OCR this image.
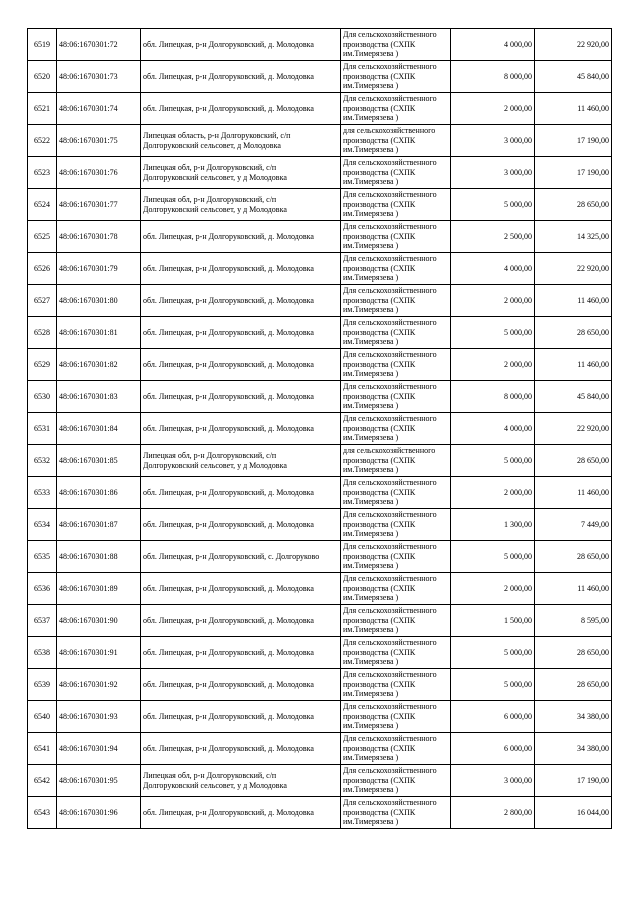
6519	48:06:1670301:72	обл. Липецкая, р-н Долгоруковский, д. Молодовка	Для сельскохозяйственного
производства (СХПК
им.Тимерязева )	4 000,00	22 920,00
6520	48:06:1670301:73	обл. Липецкая, р-н Долгоруковский, д. Молодовка	Для сельскохозяйственного
производства (СХПК
им.Тимерязева )	8 000,00	45 840,00
6521	48:06:1670301:74	обл. Липецкая, р-н Долгоруковский, д. Молодовка	Для сельскохозяйственного
производства (СХПК
им.Тимерязева )	2 000,00	11 460,00
6522	48:06:1670301:75	Липецкая область, р-н Долгоруковский, с/п
Долгоруковский сельсовет, д Молодовка	для сельскохозяйственного
производства (СХПК
им.Тимерязева )	3 000,00	17 190,00
6523	48:06:1670301:76	Липецкая обл, р-н Долгоруковский, с/п
Долгоруковский сельсовет, у д Молодовка	Для сельскохозяйственного
производства (СХПК
им.Тимерязева )	3 000,00	17 190,00
6524	48:06:1670301:77	Липецкая обл, р-н Долгоруковский, с/п
Долгоруковский сельсовет, у д Молодовка	Для сельскохозяйственного
производства (СХПК
им.Тимерязева )	5 000,00	28 650,00
6525	48:06:1670301:78	обл. Липецкая, р-н Долгоруковский, д. Молодовка	Для сельскохозяйственного
производства (СХПК
им.Тимерязева )	2 500,00	14 325,00
6526	48:06:1670301:79	обл. Липецкая, р-н Долгоруковский, д. Молодовка	Для сельскохозяйственного
производства (СХПК
им.Тимерязева )	4 000,00	22 920,00
6527	48:06:1670301:80	обл. Липецкая, р-н Долгоруковский, д. Молодовка	Для сельскохозяйственного
производства (СХПК
им.Тимерязева )	2 000,00	11 460,00
6528	48:06:1670301:81	обл. Липецкая, р-н Долгоруковский, д. Молодовка	Для сельскохозяйственного
производства (СХПК
им.Тимерязева )	5 000,00	28 650,00
6529	48:06:1670301:82	обл. Липецкая, р-н Долгоруковский, д. Молодовка	Для сельскохозяйственного
производства (СХПК
им.Тимерязева )	2 000,00	11 460,00
6530	48:06:1670301:83	обл. Липецкая, р-н Долгоруковский, д. Молодовка	Для сельскохозяйственного
производства (СХПК
им.Тимерязева )	8 000,00	45 840,00
6531	48:06:1670301:84	обл. Липецкая, р-н Долгоруковский, д. Молодовка	Для сельскохозяйственного
производства (СХПК
им.Тимерязева )	4 000,00	22 920,00
6532	48:06:1670301:85	Липецкая обл, р-н Долгоруковский, с/п
Долгоруковский сельсовет, у д Молодовка	для сельскохозяйственного
производства (СХПК
им.Тимерязева )	5 000,00	28 650,00
6533	48:06:1670301:86	обл. Липецкая, р-н Долгоруковский, д. Молодовка	Для сельскохозяйственного
производства (СХПК
им.Тимерязева )	2 000,00	11 460,00
6534	48:06:1670301:87	обл. Липецкая, р-н Долгоруковский, д. Молодовка	Для сельскохозяйственного
производства (СХПК
им.Тимерязева )	1 300,00	7 449,00
6535	48:06:1670301:88	обл. Липецкая, р-н Долгоруковский, с. Долгоруково	Для сельскохозяйственного
производства (СХПК
им.Тимерязева )	5 000,00	28 650,00
6536	48:06:1670301:89	обл. Липецкая, р-н Долгоруковский, д. Молодовка	Для сельскохозяйственного
производства (СХПК
им.Тимерязева )	2 000,00	11 460,00
6537	48:06:1670301:90	обл. Липецкая, р-н Долгоруковский, д. Молодовка	Для сельскохозяйственного
производства (СХПК
им.Тимерязева )	1 500,00	8 595,00
6538	48:06:1670301:91	обл. Липецкая, р-н Долгоруковский, д. Молодовка	Для сельскохозяйственного
производства (СХПК
им.Тимерязева )	5 000,00	28 650,00
6539	48:06:1670301:92	обл. Липецкая, р-н Долгоруковский, д. Молодовка	Для сельскохозяйственного
производства (СХПК
им.Тимерязева )	5 000,00	28 650,00
6540	48:06:1670301:93	обл. Липецкая, р-н Долгоруковский, д. Молодовка	Для сельскохозяйственного
производства (СХПК
им.Тимерязева )	6 000,00	34 380,00
6541	48:06:1670301:94	обл. Липецкая, р-н Долгоруковский, д. Молодовка	Для сельскохозяйственного
производства (СХПК
им.Тимерязева )	6 000,00	34 380,00
6542	48:06:1670301:95	Липецкая обл, р-н Долгоруковский, с/п
Долгоруковский сельсовет, у д Молодовка	Для сельскохозяйственного
производства (СХПК
им.Тимерязева )	3 000,00	17 190,00
6543	48:06:1670301:96	обл. Липецкая, р-н Долгоруковский, д. Молодовка	Для сельскохозяйственного
производства (СХПК
им.Тимерязева )	2 800,00	16 044,00
